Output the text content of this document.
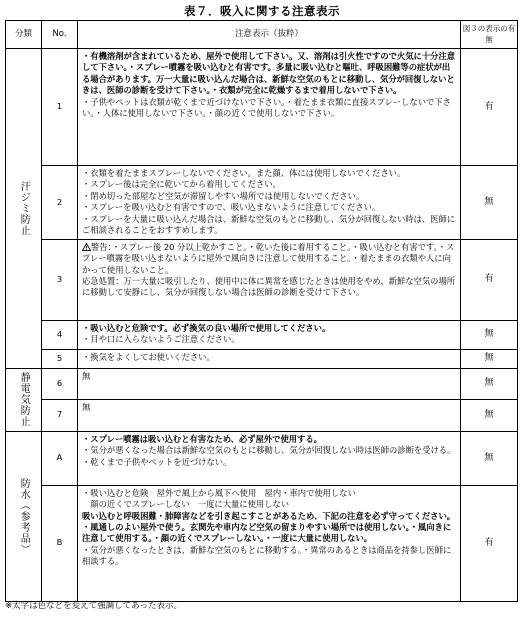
表７．吸入に関する注意表示
分類	No.	注意表示（抜粋）	図３の表示の有無

汗ジミ防止	1	・有機溶剤が含まれているため、屋外で使用して下さい。又、溶剤は引火性ですので火気に十分注意して下さい。・スプレー噴霧を吸い込むと有害です。多量に吸い込むと嘔吐、呼吸困難等の症状が出る場合があります。万一大量に吸い込んだ場合は、新鮮な空気のもとに移動し、気分が回復しないときは、医師の診断を受けて下さい。・衣類が完全に乾燥するまで着用しないで下さい。

・子供やペットは衣類が乾くまで近づけないで下さい。・着たまま衣類に直接スプレーしないで下さい。・人体に使用しないで下さい。・顔の近くで使用しないで下さい。	有
	2	・衣類を着たままスプレーしないでください。また顔、体には使用しないでください。

・スプレー後は完全に乾いてから着用してください。

・閉め切った部屋など空気が滞留しやすい場所では使用しないでください。

・スプレーを吸い込むと有害ですので、吸い込まないように注意してください。

・スプレーを大量に吸い込んだ場合は、新鮮な空気のもとに移動し、気分が回復しない時は、医師にご相談されることをおすすめします。	無
	3	警告：・スプレー後 20 分以上乾かすこと。・乾いた後に着用すること。・吸い込むと有害です。・スプレー噴霧を吸い込まないように屋外で風向きに注意して使用すること。・着たままの衣類や人に向かって使用しないこと。

応急処置：万一大量に吸引したり、使用中に体に異常を感じたときは使用をやめ、新鮮な空気の場所に移動して安静にし、気分が回復しない場合は医師の診断を受けて下さい。	有
	4	・吸い込むと危険です。必ず換気の良い場所で使用してください。

・目や口に入らないようご注意ください。	無
	5	・換気をよくしてお使いください。	無

静電気防止	6	無	無
	7	無	無

防水（参考品）	A	・スプレー噴霧は吸い込むと有害なため、必ず屋外で使用する。

・気分が悪くなった場合は新鮮な空気のもとに移動し、気分が回復しない時は医師の診断を受ける。

・乾くまで子供やペットを近づけない。	無
	B	・吸い込むと危険　屋外で風上から風下へ使用　屋内・車内で使用しない

　顔の近くでスプレーしない　一度に大量に使用しない

吸い込むと呼吸困難・肺障害などを引き起こすことがあるため、下記の注意を必ず守ってください。

・風通しのよい屋外で使う。玄関先や車内など空気の留まりやすい場所では使用しない。・風向きに注意して使用する。・顔の近くでスプレーしない。・一度に大量に使用しない。

・気分が悪くなったときは、新鮮な空気のもとに移動する。・異常のあるときは商品を持参し医師に相談する。	有
※太字は色などを変えて強調してあった表示。
